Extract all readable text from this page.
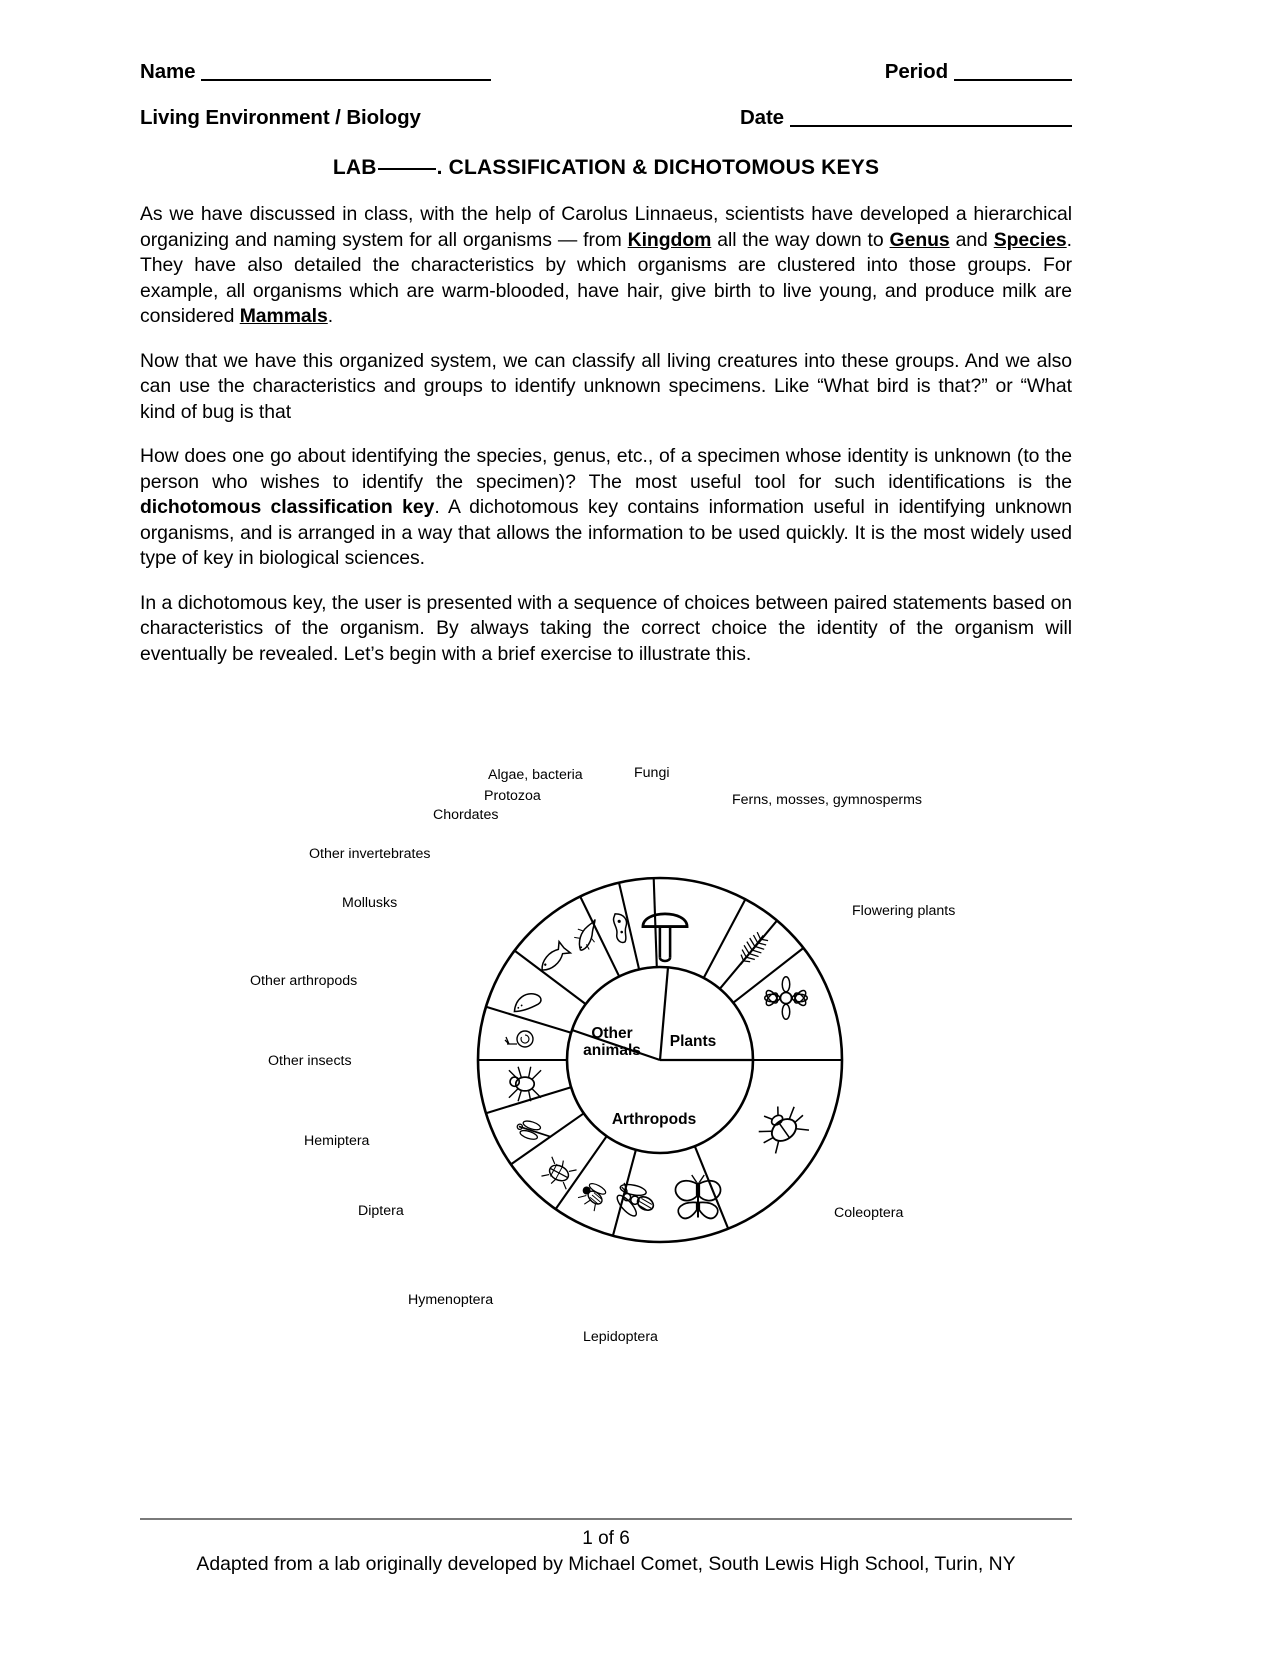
Name	Period
Living Environment / Biology	Date
LAB	. CLASSIFICATION & DICHOTOMOUS KEYS

As we have discussed in class, with the help of Carolus Linnaeus, scientists have developed a hierarchical organizing and naming system for all organisms — from Kingdom all the way down to Genus and Species. They have also detailed the characteristics by which organisms are clustered into those groups. For example, all organisms which are warm-blooded, have hair, give birth to live young, and produce milk are considered Mammals.

Now that we have this organized system, we can classify all living creatures into these groups. And we also can use the characteristics and groups to identify unknown specimens. Like “What bird is that?” or “What kind of bug is that

How does one go about identifying the species, genus, etc., of a specimen whose identity is unknown (to the person who wishes to identify the specimen)? The most useful tool for such identifications is the dichotomous classification key. A dichotomous key contains information useful in identifying unknown organisms, and is arranged in a way that allows the information to be used quickly. It is the most widely used type of key in biological sciences.

In a dichotomous key, the user is presented with a sequence of choices between paired statements based on characteristics of the organism. By always taking the correct choice the identity of the organism will eventually be revealed. Let’s begin with a brief exercise to illustrate this.

Other
animals
Plants
Arthropods
Algae, bacteria
Protozoa
Chordates
Fungi
Ferns, mosses, gymnosperms
Flowering plants
Other invertebrates
Mollusks
Other arthropods
Other insects
Hemiptera
Diptera
Hymenoptera
Lepidoptera
Coleoptera
1 of 6
Adapted from a lab originally developed by Michael Comet, South Lewis High School, Turin, NY
